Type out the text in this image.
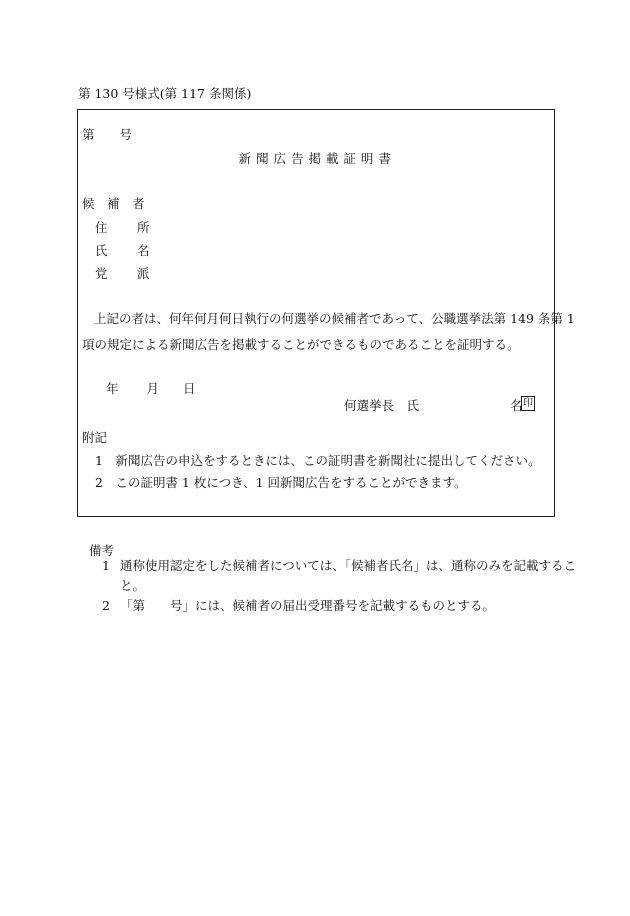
第 130 号様式(第 117 条関係)
第　　号
新 聞 広 告 掲 載 証 明 書
候　補　者
住 所
氏 名
党 派
上記の者は、何年何月何日執行の何選挙の候補者であって、公職選挙法第 149 条第 1
項の規定による新聞広告を掲載することができるものであることを証明する。
年 月 日
何選挙長　氏	名 印
附記
1　新聞広告の申込をするときには、この証明書を新聞社に提出してください。
2　この証明書 1 枚につき、1 回新聞広告をすることができます。
備考
1 通称使用認定をした候補者については、「候補者氏名」は、通称のみを記載するこ
と。
2 「第　　号」には、候補者の届出受理番号を記載するものとする。
